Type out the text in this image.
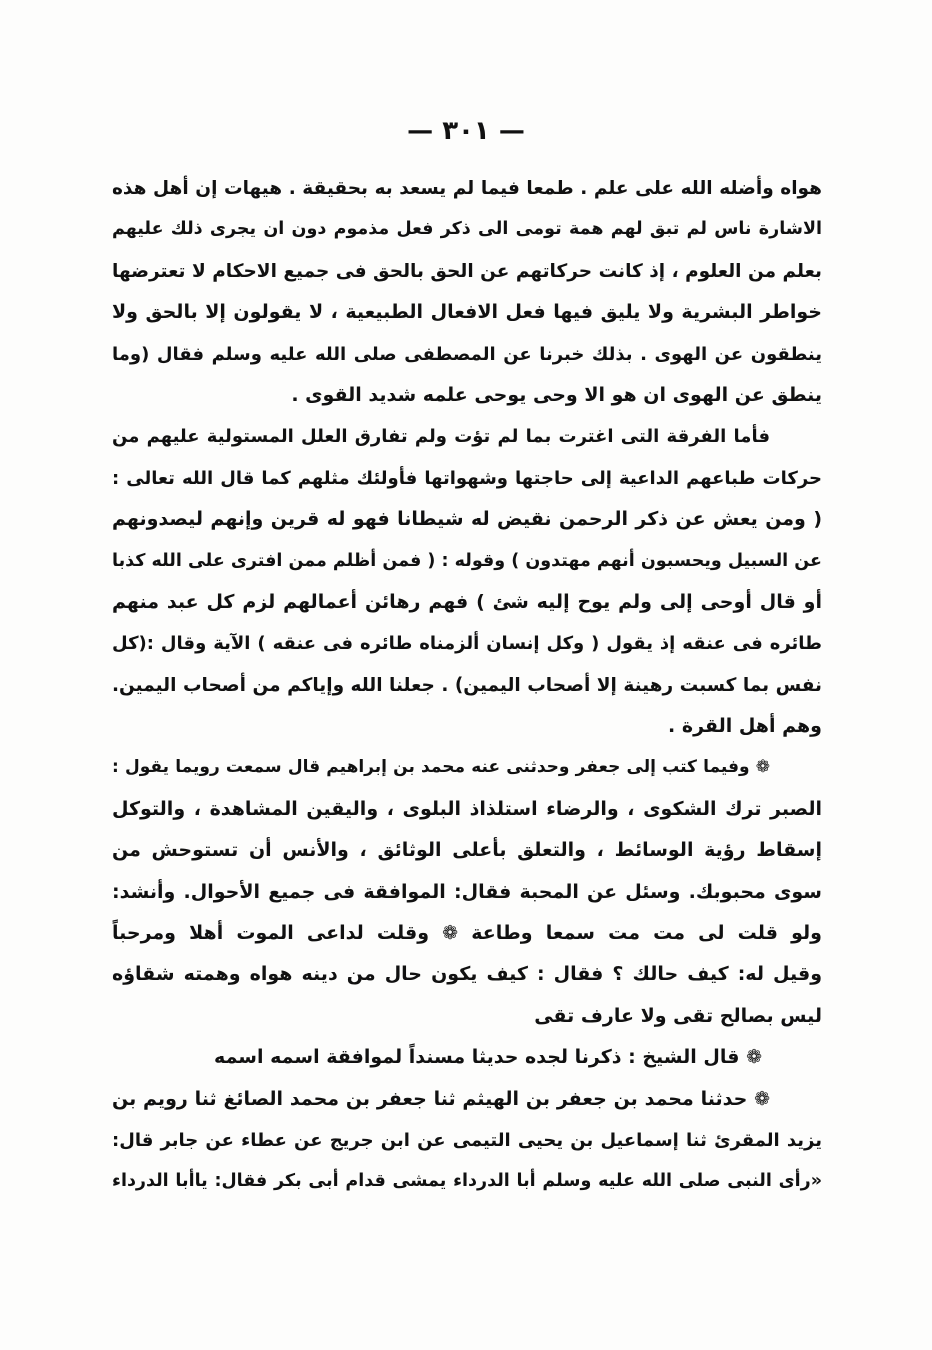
— ٣٠١ —
هواه وأضله الله على علم . طمعا فيما لم يسعد به بحقيقة . هيهات إن أهل هذه
الاشارة ناس لم تبق لهم همة تومى الى ذكر فعل مذموم دون ان يجرى ذلك عليهم
بعلم من العلوم ، إذ كانت حركاتهم عن الحق بالحق فى جميع الاحكام لا تعترضها
خواطر البشرية ولا يليق فيها فعل الافعال الطبيعية ، لا يقولون إلا بالحق ولا
ينطقون عن الهوى . بذلك خبرنا عن المصطفى صلى الله عليه وسلم فقال (وما
ينطق عن الهوى ان هو الا وحى يوحى علمه شديد القوى .
فأما الفرقة التى اغترت بما لم تؤت ولم تفارق العلل المستولية عليهم من
حركات طباعهم الداعية إلى حاجتها وشهواتها فأولئك مثلهم كما قال الله تعالى :
( ومن يعش عن ذكر الرحمن نقيض له شيطانا فهو له قرين وإنهم ليصدونهم
عن السبيل ويحسبون أنهم مهتدون ) وقوله : ( فمن أظلم ممن افترى على الله كذبا
أو قال أوحى إلى ولم يوح إليه شئ ) فهم رهائن أعمالهم لزم كل عبد منهم
طائره فى عنقه إذ يقول ( وكل إنسان ألزمناه طائره فى عنقه ) الآية وقال :(كل
نفس بما كسبت رهينة إلا أصحاب اليمين) . جعلنا الله وإياكم من أصحاب اليمين.
وهم أهل القرة .
❁ وفيما كتب إلى جعفر وحدثنى عنه محمد بن إبراهيم قال سمعت رويما يقول :
الصبر ترك الشكوى ، والرضاء استلذاذ البلوى ، واليقين المشاهدة ، والتوكل
إسقاط رؤية الوسائط ، والتعلق بأعلى الوثائق ، والأنس أن تستوحش من
سوى محبوبك. وسئل عن المحبة فقال: الموافقة فى جميع الأحوال. وأنشد:
ولو قلت لى مت مت سمعا وطاعة ❁ وقلت لداعى الموت أهلا ومرحباً
وقيل له: كيف حالك ؟ فقال : كيف يكون حال من دينه هواه وهمته شقاؤه
ليس بصالح تقى ولا عارف تقى
❁ قال الشيخ : ذكرنا لجده حديثا مسنداً لموافقة اسمه اسمه
❁ حدثنا محمد بن جعفر بن الهيثم ثنا جعفر بن محمد الصائغ ثنا رويم بن
يزيد المقرئ ثنا إسماعيل بن يحيى التيمى عن ابن جريج عن عطاء عن جابر قال:
«رأى النبى صلى الله عليه وسلم أبا الدرداء يمشى قدام أبى بكر فقال: ياأبا الدرداء
